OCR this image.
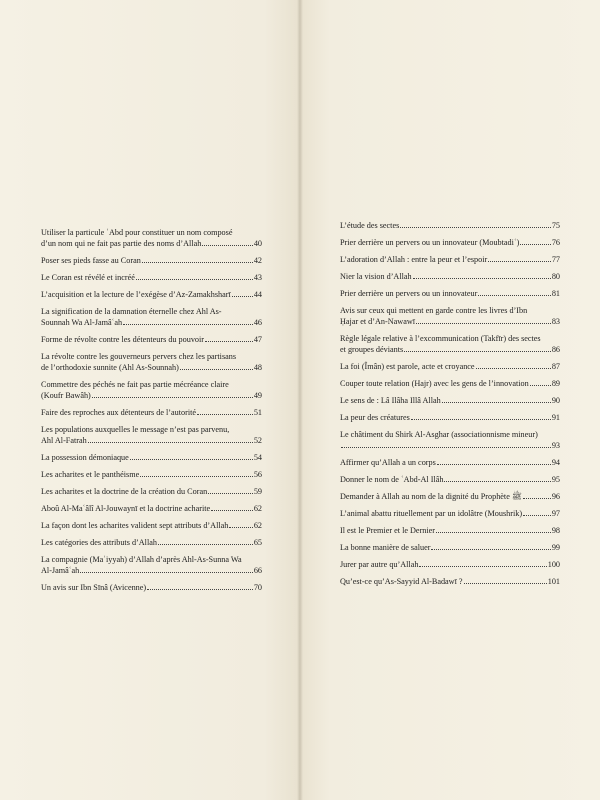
Utiliser la particule ʿAbd pour constituer un nom composé
d’un nom qui ne fait pas partie des noms d’Allah	40
Poser ses pieds fasse au Coran	42
Le Coran est révélé et incréé	43
L’acquisition et la lecture de l’exégèse d’Az-Zamakhsharī	44
La signification de la damnation éternelle chez Ahl As-
Sounnah Wa Al-Jamâʿah	46
Forme de révolte contre les détenteurs du pouvoir	47
La révolte contre les gouverneurs pervers chez les partisans
de l’orthodoxie sunnite (Ahl As-Sounnah)	48
Commettre des péchés ne fait pas partie mécréance claire
(Koufr Bawâh)	49
Faire des reproches aux détenteurs de l’autorité	51
Les populations auxquelles le message n’est pas parvenu,
Ahl Al-Fatrah	52
La possession démoniaque	54
Les acharites et le panthéisme	56
Les acharites et la doctrine de la création du Coran	59
Aboû Al-Maʿâlî Al-Jouwaynī et la doctrine acharite	62
La façon dont les acharites valident sept attributs d’Allah	62
Les catégories des attributs d’Allah	65
La compagnie (Maʿiyyah) d’Allah d’après Ahl-As-Sunna Wa
Al-Jamâʿah	66
Un avis sur Ibn Sīnâ (Avicenne)	70
L’étude des sectes	75
Prier derrière un pervers ou un innovateur (Moubtadiʿ)	76
L’adoration d’Allah : entre la peur et l’espoir	77
Nier la vision d’Allah	80
Prier derrière un pervers ou un innovateur	81
Avis sur ceux qui mettent en garde contre les livres d’Ibn
Ḥajar et d’An-Nawawī	83
Règle légale relative à l’excommunication (Takfīr) des sectes
et groupes déviants	86
La foi (Îmân) est parole, acte et croyance	87
Couper toute relation (Hajr) avec les gens de l’innovation	89
Le sens de : Lâ Ilâha Illâ Allah	90
La peur des créatures	91
Le châtiment du Shirk Al-Asghar (associationnisme mineur)
93
Affirmer qu’Allah a un corps	94
Donner le nom de ʿAbd-Al Ilâh	95
Demander à Allah au nom de la dignité du Prophète ﷺ	96
L’animal abattu rituellement par un idolâtre (Moushrik)	97
Il est le Premier et le Dernier	98
La bonne manière de saluer	99
Jurer par autre qu’Allah	100
Qu’est-ce qu’As-Sayyid Al-Badawī ?	101
